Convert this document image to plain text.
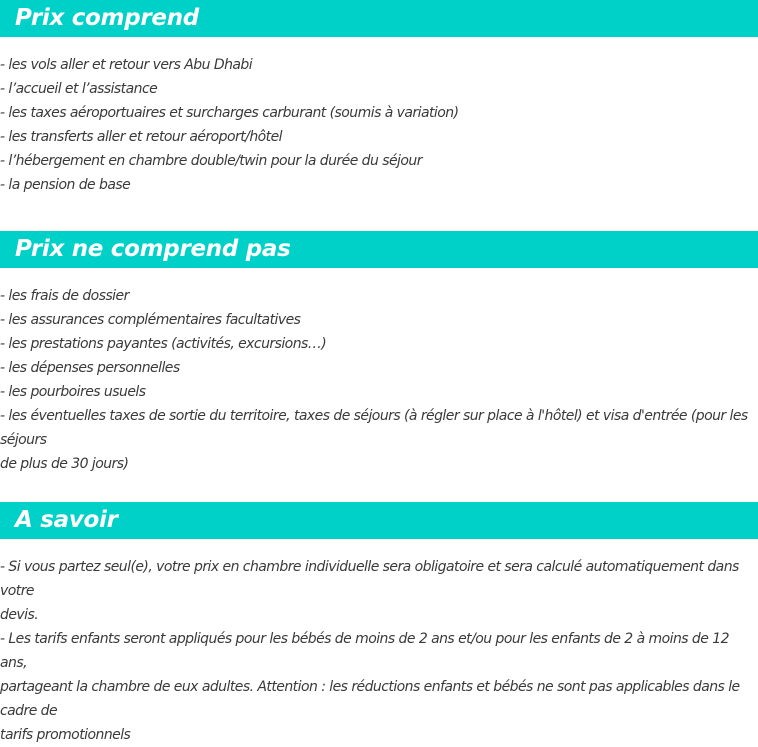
Prix comprend
- les vols aller et retour vers Abu Dhabi
- l’accueil et l’assistance
- les taxes aéroportuaires et surcharges carburant (soumis à variation)
- les transferts aller et retour aéroport/hôtel
- l’hébergement en chambre double/twin pour la durée du séjour
- la pension de base
Prix ne comprend pas
- les frais de dossier
- les assurances complémentaires facultatives
- les prestations payantes (activités, excursions…)
- les dépenses personnelles
- les pourboires usuels
- les éventuelles taxes de sortie du territoire, taxes de séjours (à régler sur place à l'hôtel) et visa d'entrée (pour les séjours
de plus de 30 jours)
A savoir
- Si vous partez seul(e), votre prix en chambre individuelle sera obligatoire et sera calculé automatiquement dans votre
devis.
- Les tarifs enfants seront appliqués pour les bébés de moins de 2 ans et/ou pour les enfants de 2 à moins de 12 ans,
partageant la chambre de eux adultes. Attention : les réductions enfants et bébés ne sont pas applicables dans le cadre de
tarifs promotionnels
